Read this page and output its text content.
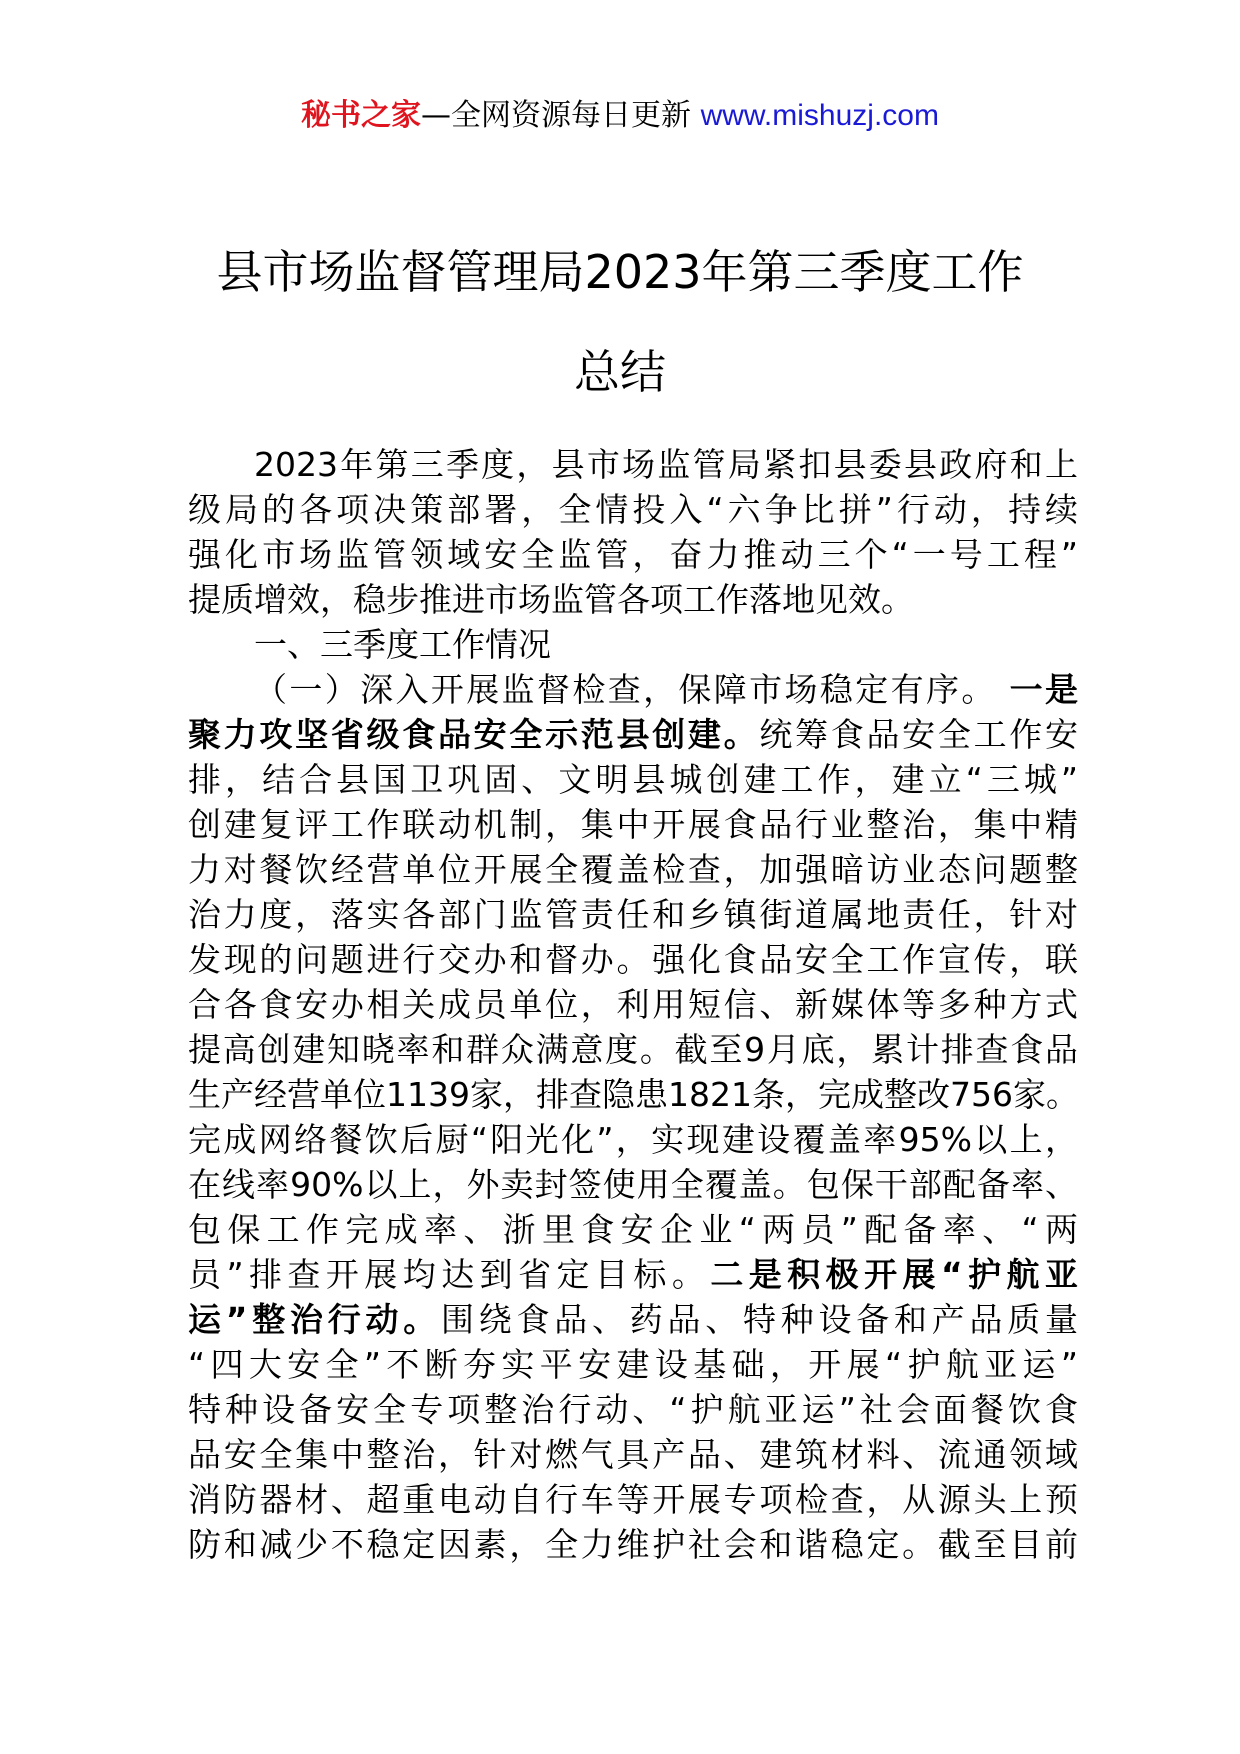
秘书之家—全网资源每日更新 www.mishuzj.com
县市场监督管理局2023年第三季度工作
总结
2023年第三季度，县市场监管局紧扣县委县政府和上
级局的各项决策部署，全情投入“六争比拼”行动，持续
强化市场监管领域安全监管，奋力推动三个“一号工程”
提质增效，稳步推进市场监管各项工作落地见效。
一、三季度工作情况
（一）深入开展监督检查，保障市场稳定有序。 一是
聚力攻坚省级食品安全示范县创建。统筹食品安全工作安
排，结合县国卫巩固、文明县城创建工作，建立“三城”
创建复评工作联动机制，集中开展食品行业整治，集中精
力对餐饮经营单位开展全覆盖检查，加强暗访业态问题整
治力度，落实各部门监管责任和乡镇街道属地责任，针对
发现的问题进行交办和督办。强化食品安全工作宣传，联
合各食安办相关成员单位，利用短信、新媒体等多种方式
提高创建知晓率和群众满意度。截至9月底，累计排查食品
生产经营单位1139家，排查隐患1821条，完成整改756家。
完成网络餐饮后厨“阳光化”，实现建设覆盖率95%以上，
在线率90%以上，外卖封签使用全覆盖。包保干部配备率、
包保工作完成率、浙里食安企业“两员”配备率、“两
员”排查开展均达到省定目标。二是积极开展“护航亚
运”整治行动。围绕食品、药品、特种设备和产品质量
“四大安全”不断夯实平安建设基础，开展“护航亚运”
特种设备安全专项整治行动、“护航亚运”社会面餐饮食
品安全集中整治，针对燃气具产品、建筑材料、流通领域
消防器材、超重电动自行车等开展专项检查，从源头上预
防和减少不稳定因素，全力维护社会和谐稳定。截至目前
